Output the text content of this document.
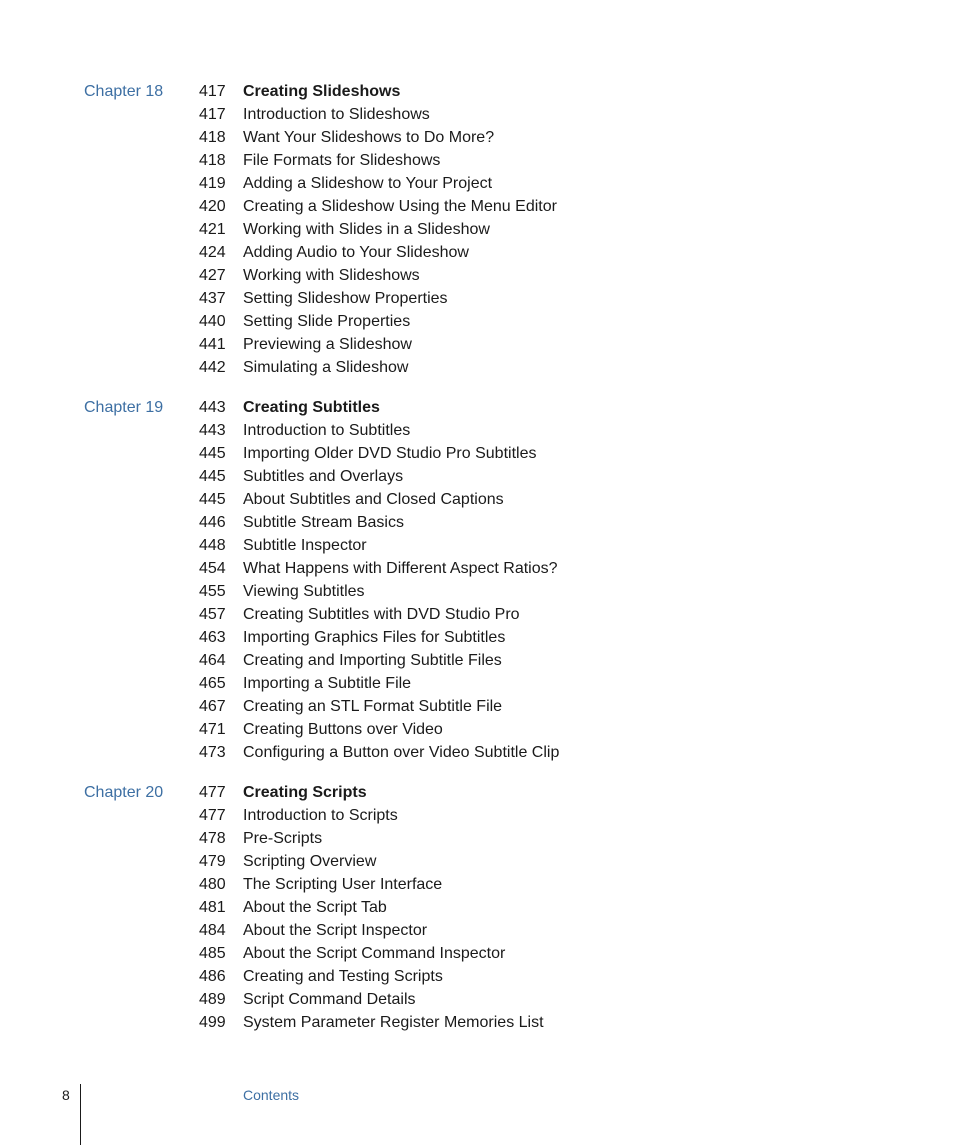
Chapter 18 417	Creating Slideshows
417	Introduction to Slideshows
418	Want Your Slideshows to Do More?
418	File Formats for Slideshows
419	Adding a Slideshow to Your Project
420	Creating a Slideshow Using the Menu Editor
421	Working with Slides in a Slideshow
424	Adding Audio to Your Slideshow
427	Working with Slideshows
437	Setting Slideshow Properties
440	Setting Slide Properties
441	Previewing a Slideshow
442	Simulating a Slideshow
Chapter 19 443	Creating Subtitles
443	Introduction to Subtitles
445	Importing Older DVD Studio Pro Subtitles
445	Subtitles and Overlays
445	About Subtitles and Closed Captions
446	Subtitle Stream Basics
448	Subtitle Inspector
454	What Happens with Different Aspect Ratios?
455	Viewing Subtitles
457	Creating Subtitles with DVD Studio Pro
463	Importing Graphics Files for Subtitles
464	Creating and Importing Subtitle Files
465	Importing a Subtitle File
467	Creating an STL Format Subtitle File
471	Creating Buttons over Video
473	Configuring a Button over Video Subtitle Clip
Chapter 20 477	Creating Scripts
477	Introduction to Scripts
478	Pre-Scripts
479	Scripting Overview
480	The Scripting User Interface
481	About the Script Tab
484	About the Script Inspector
485	About the Script Command Inspector
486	Creating and Testing Scripts
489	Script Command Details
499	System Parameter Register Memories List
8	Contents
